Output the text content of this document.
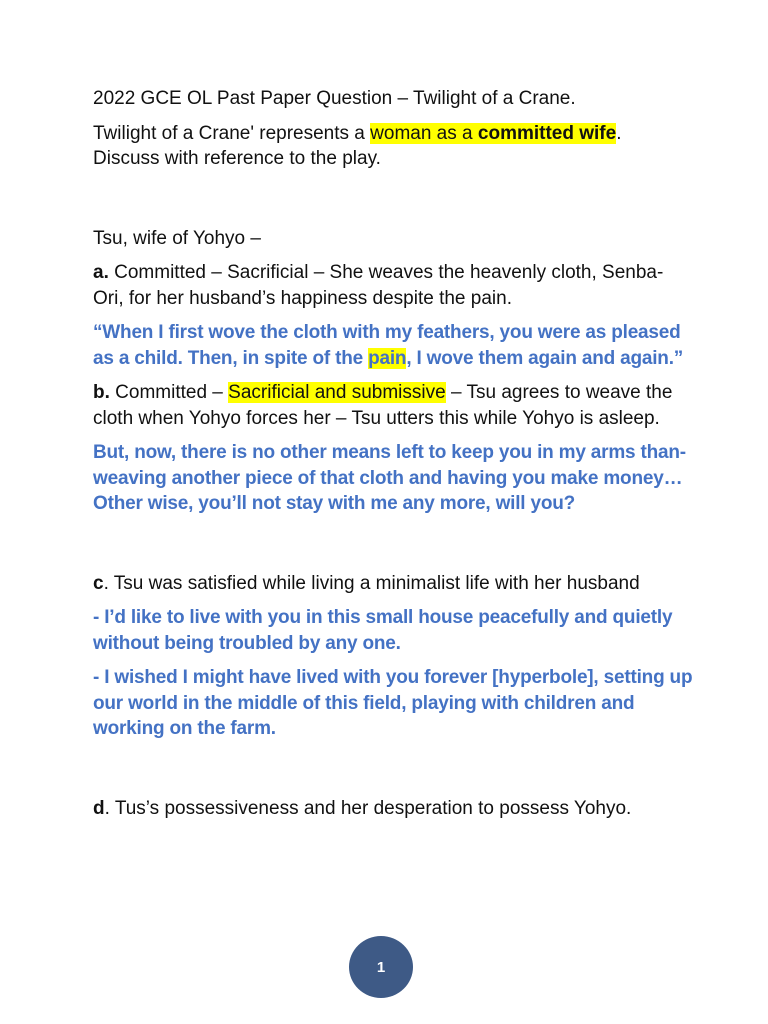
2022 GCE OL Past Paper Question – Twilight of a Crane.

Twilight of a Crane' represents a woman as a committed wife. Discuss with reference to the play.

Tsu, wife of Yohyo –

a. Committed – Sacrificial – She weaves the heavenly cloth, Senba-Ori, for her husband’s happiness despite the pain.

“When I first wove the cloth with my feathers, you were as pleased as a child. Then, in spite of the pain, I wove them again and again.”

b. Committed – Sacrificial and submissive – Tsu agrees to weave the cloth when Yohyo forces her – Tsu utters this while Yohyo is asleep.

But, now, there is no other means left to keep you in my arms than-weaving another piece of that cloth and having you make money… Other wise, you’ll not stay with me any more, will you?

c. Tsu was satisfied while living a minimalist life with her husband

- I’d like to live with you in this small house peacefully and quietly without being troubled by any one.

- I wished I might have lived with you forever [hyperbole], setting up our world in the middle of this field, playing with children and working on the farm.

d. Tus’s possessiveness and her desperation to possess Yohyo.

1
